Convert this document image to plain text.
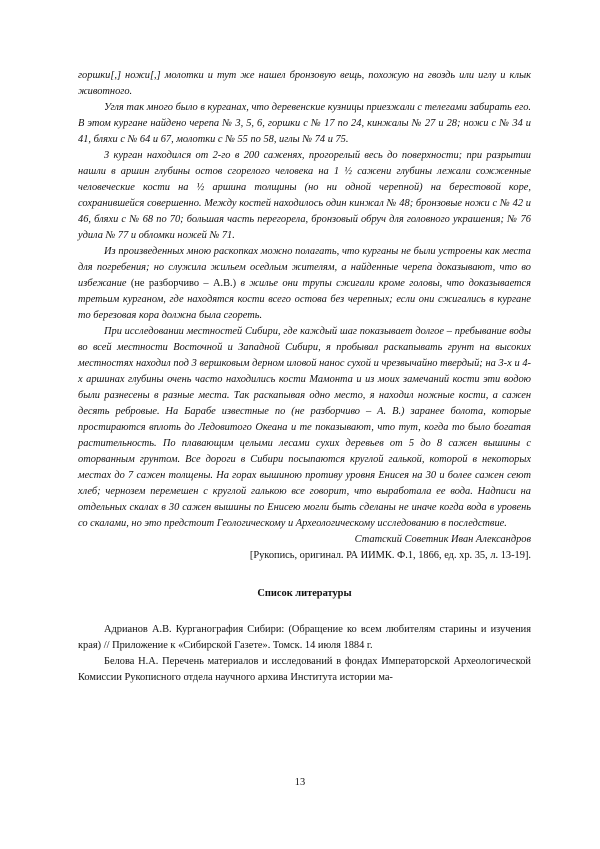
горшки[,] ножи[,] молотки и тут же нашел бронзовую вещь, похожую на гвоздь или иглу и клык животного.

Угля так много было в курганах, что деревенские кузницы приезжали с телегами забирать его. В этом кургане найдено черепа № 3, 5, 6, горшки с № 17 по 24, кинжалы № 27 и 28; ножи с № 34 и 41, бляхи с № 64 и 67, молотки с № 55 по 58, иглы № 74 и 75.

3 курган находился от 2-го в 200 саженях, прогорелый весь до поверхности; при разрытии нашли в аршин глубины остов сгорелого человека на 1 ½ сажени глубины лежали сожженные человеческие кости на ½ аршина толщины (но ни одной черепной) на берестовой коре, сохранившейся совершенно. Между костей находилось один кинжал № 48; бронзовые ножи с № 42 и 46, бляхи с № 68 по 70; большая часть перегорела, бронзовый обруч для головного украшения; № 76 удила № 77 и обломки ножей № 71.

Из произведенных мною раскопках можно полагать, что курганы не были устроены как места для погребения; но служила жильем оседлым жителям, а найденные черепа доказывают, что во избежание (не разборчиво – А.В.) в жилье они трупы сжигали кроме головы, что доказывается третьим курганом, где находятся кости всего остова без черепных; если они сжигались в кургане то березовая кора должна была сгореть.

При исследовании местностей Сибири, где каждый шаг показывает долгое – пребывание воды во всей местности Восточной и Западной Сибири, я пробывал раскапывать грунт на высоких местностях находил под 3 вершковым дерном иловой нанос сухой и чрезвычайно твердый; на 3-х и 4-х аршинах глубины очень часто находились кости Мамонта и из моих замечаний кости эти водою были разнесены в разные места. Так раскапывая одно место, я находил ножные кости, а сажен десять ребровые. На Барабе известные по (не разборчиво – А. В.) заранее болота, которые простираются вплоть до Ледовитого Океана и те показывают, что тут, когда то было богатая растительность. По плавающим целыми лесами сухих деревьев от 5 до 8 сажен вышины с оторванным грунтом. Все дороги в Сибири посыпаются круглой галькой, которой в некоторых местах до 7 сажен толщены. На горах вышиною противу уровня Енисея на 30 и более сажен сеют хлеб; чернозем перемешен с круглой галькою все говорит, что выработала ее вода. Надписи на отдельных скалах в 30 сажен вышины по Енисею могли быть сделаны не иначе когда вода в уровень со скалами, но это предстоит Геологическому и Археологическому исследованию в последствие.

Статский Советник Иван Александров

[Рукопись, оригинал. РА ИИМК. Ф.1, 1866, ед. хр. 35, л. 13-19].

Список литературы

Адрианов А.В. Курганография Сибири: (Обращение ко всем любителям старины и изучения края) // Приложение к «Сибирской Газете». Томск. 14 июля 1884 г.

Белова Н.А. Перечень материалов и исследований в фондах Императорской Археологической Комиссии Рукописного отдела научного архива Института истории ма-

13
